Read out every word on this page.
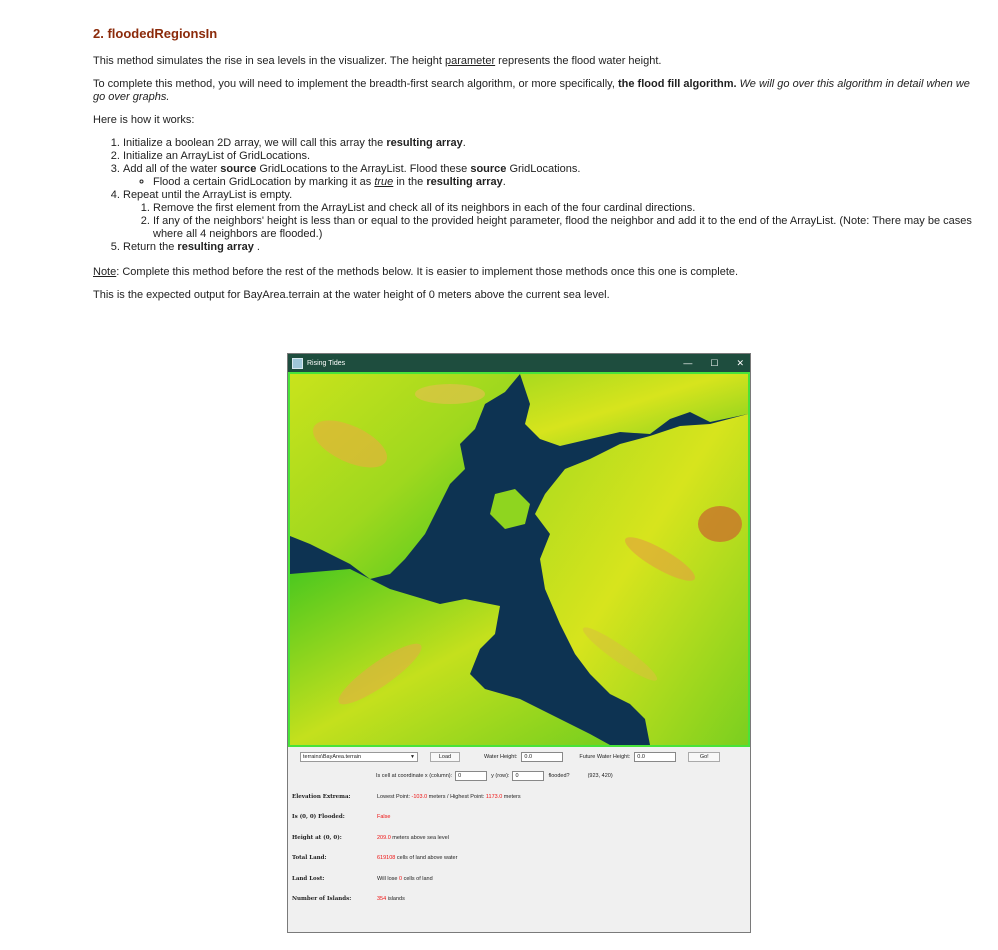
2. floodedRegionsIn

This method simulates the rise in sea levels in the visualizer. The height parameter represents the flood water height.

To complete this method, you will need to implement the breadth-first search algorithm, or more specifically, the flood fill algorithm. We will go over this algorithm in detail when we go over graphs.

Here is how it works:

1. Initialize a boolean 2D array, we will call this array the resulting array.
2. Initialize an ArrayList of GridLocations.
3. Add all of the water source GridLocations to the ArrayList. Flood these source GridLocations.
◦ Flood a certain GridLocation by marking it as true in the resulting array.
4. Repeat until the ArrayList is empty.
1. Remove the first element from the ArrayList and check all of its neighbors in each of the four cardinal directions.
2. If any of the neighbors' height is less than or equal to the provided height parameter, flood the neighbor and add it to the end of the ArrayList. (Note: There may be cases where all 4 neighbors are flooded.)
5. Return the resulting array .

Note: Complete this method before the rest of the methods below. It is easier to implement those methods once this one is complete.

This is the expected output for BayArea.terrain at the water height of 0 meters above the current sea level.

Rising Tides	— ☐ ✕
terrains\BayArea.terrain	▼	Load	Water Height:	0.0	Future Water Height:	0.0	Go!
Is cell at coordinate x (column):	0	y (row):	0	flooded?	(923, 420)
Elevation Extrema:	Lowest Point: -103.0 meters / Highest Point: 1173.0 meters
Is (0, 0) Flooded:	False
Height at (0, 0):	209.0 meters above sea level
Total Land:	619108 cells of land above water
Land Lost:	Will lose 0 cells of land
Number of Islands:	354 islands
